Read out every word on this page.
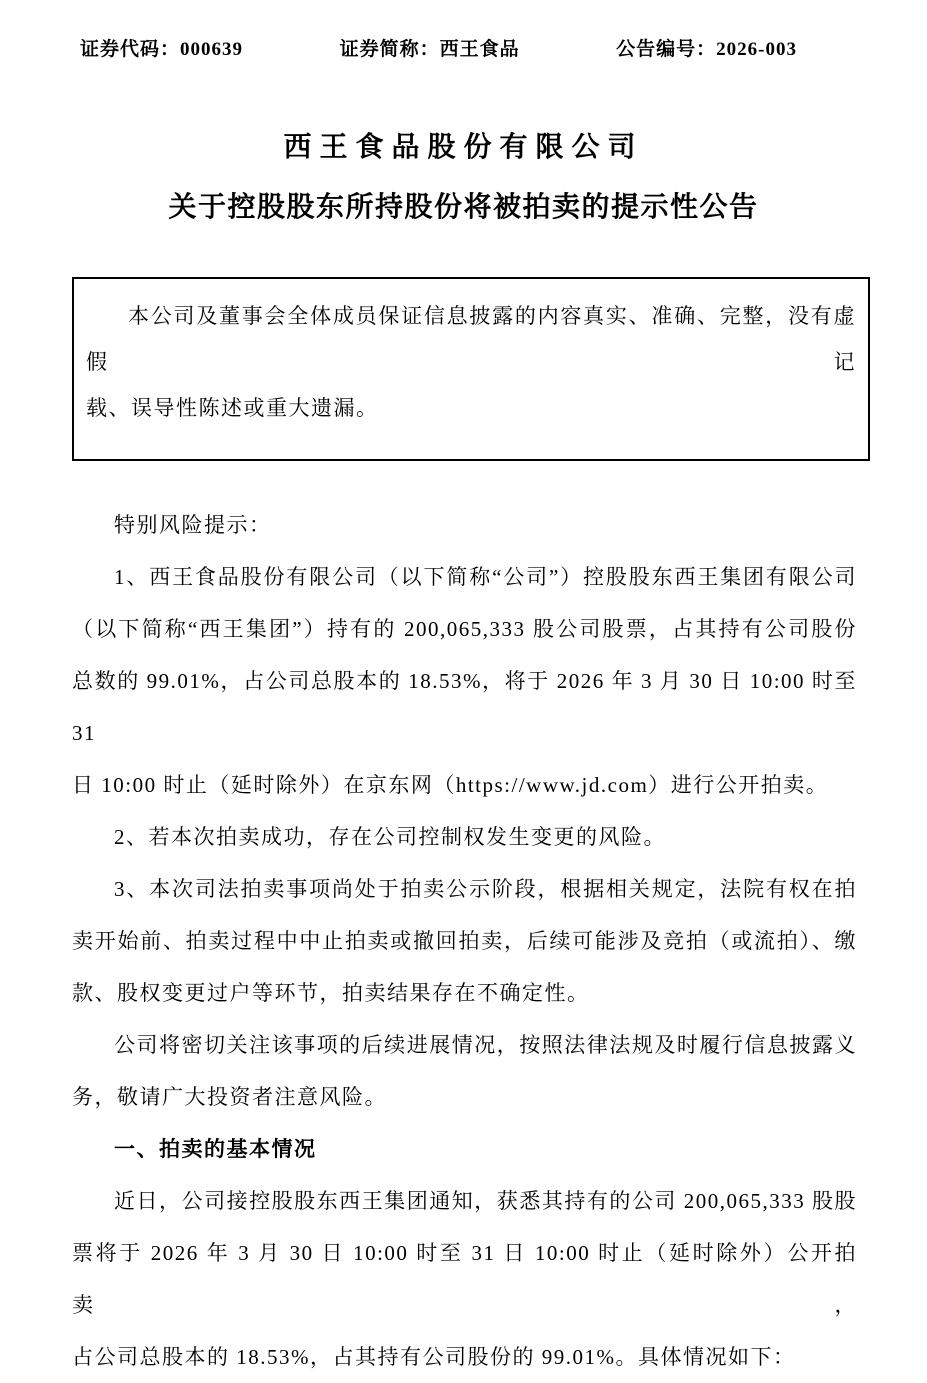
证券代码：000639	证券简称：西王食品	公告编号：2026-003
西王食品股份有限公司
关于控股股东所持股份将被拍卖的提示性公告
本公司及董事会全体成员保证信息披露的内容真实、准确、完整，没有虚假记
载、误导性陈述或重大遗漏。
特别风险提示：
1、西王食品股份有限公司（以下简称“公司”）控股股东西王集团有限公司
（以下简称“西王集团”）持有的 200,065,333 股公司股票，占其持有公司股份
总数的 99.01%，占公司总股本的 18.53%，将于 2026 年 3 月 30 日 10:00 时至 31
日 10:00 时止（延时除外）在京东网（https://www.jd.com）进行公开拍卖。
2、若本次拍卖成功，存在公司控制权发生变更的风险。
3、本次司法拍卖事项尚处于拍卖公示阶段，根据相关规定，法院有权在拍
卖开始前、拍卖过程中中止拍卖或撤回拍卖，后续可能涉及竞拍（或流拍）、缴
款、股权变更过户等环节，拍卖结果存在不确定性。
公司将密切关注该事项的后续进展情况，按照法律法规及时履行信息披露义
务，敬请广大投资者注意风险。
一、拍卖的基本情况
近日，公司接控股股东西王集团通知，获悉其持有的公司 200,065,333 股股
票将于 2026 年 3 月 30 日 10:00 时至 31 日 10:00 时止（延时除外）公开拍卖，
占公司总股本的 18.53%，占其持有公司股份的 99.01%。具体情况如下：
